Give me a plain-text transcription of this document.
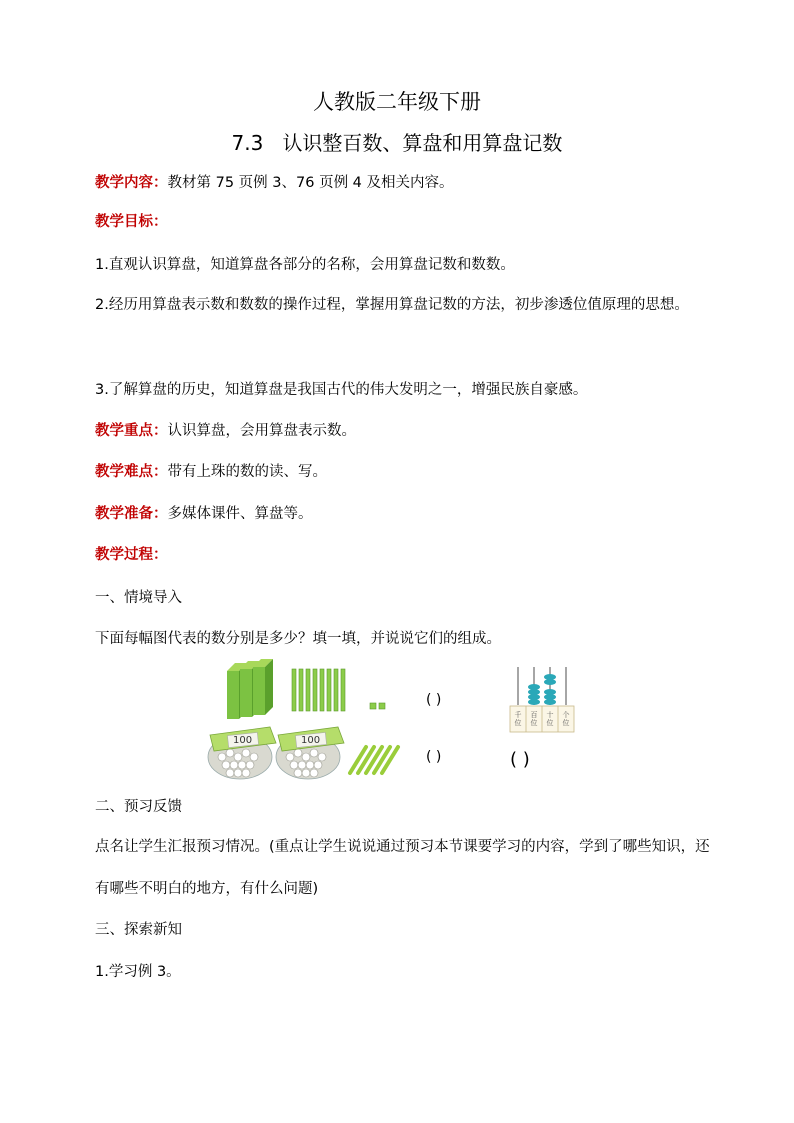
人教版二年级下册
7.3 认识整百数、算盘和用算盘记数
教学内容：教材第 75 页例 3、76 页例 4 及相关内容。
教学目标：
1.直观认识算盘，知道算盘各部分的名称，会用算盘记数和数数。
2.经历用算盘表示数和数数的操作过程，掌握用算盘记数的方法，初步渗透位值原理的思想。
3.了解算盘的历史，知道算盘是我国古代的伟大发明之一，增强民族自豪感。
教学重点：认识算盘，会用算盘表示数。
教学难点：带有上珠的数的读、写。
教学准备：多媒体课件、算盘等。
教学过程：
一、情境导入
下面每幅图代表的数分别是多少？填一填，并说说它们的组成。
100	100
千位
百位
十位
个位
( )
( )	( )
二、预习反馈
点名让学生汇报预习情况。(重点让学生说说通过预习本节课要学习的内容，学到了哪些知识，还有哪些不明白的地方，有什么问题)
三、探索新知
1.学习例 3。
